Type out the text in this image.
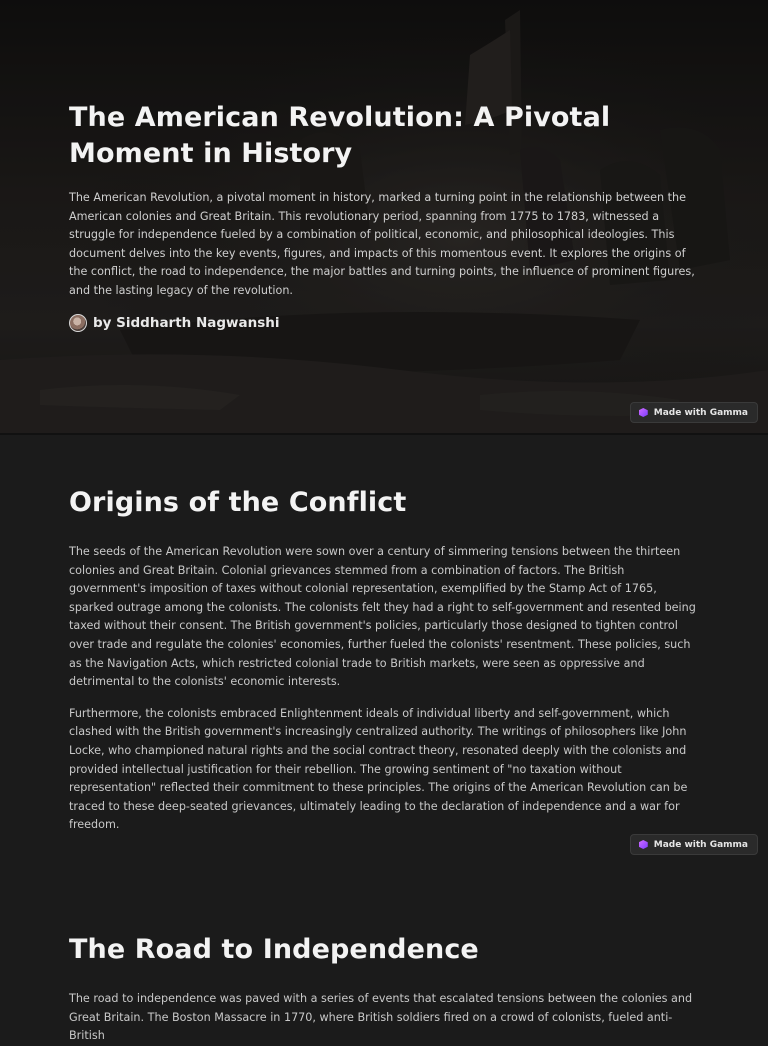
The American Revolution: A Pivotal Moment in History

The American Revolution, a pivotal moment in history, marked a turning point in the relationship between the American colonies and Great Britain. This revolutionary period, spanning from 1775 to 1783, witnessed a struggle for independence fueled by a combination of political, economic, and philosophical ideologies. This document delves into the key events, figures, and impacts of this momentous event. It explores the origins of the conflict, the road to independence, the major battles and turning points, the influence of prominent figures, and the lasting legacy of the revolution.

by Siddharth Nagwanshi
Made with Gamma
Origins of the Conflict

The seeds of the American Revolution were sown over a century of simmering tensions between the thirteen colonies and Great Britain. Colonial grievances stemmed from a combination of factors. The British government's imposition of taxes without colonial representation, exemplified by the Stamp Act of 1765, sparked outrage among the colonists. The colonists felt they had a right to self-government and resented being taxed without their consent. The British government's policies, particularly those designed to tighten control over trade and regulate the colonies' economies, further fueled the colonists' resentment. These policies, such as the Navigation Acts, which restricted colonial trade to British markets, were seen as oppressive and detrimental to the colonists' economic interests.

Furthermore, the colonists embraced Enlightenment ideals of individual liberty and self-government, which clashed with the British government's increasingly centralized authority. The writings of philosophers like John Locke, who championed natural rights and the social contract theory, resonated deeply with the colonists and provided intellectual justification for their rebellion. The growing sentiment of "no taxation without representation" reflected their commitment to these principles. The origins of the American Revolution can be traced to these deep-seated grievances, ultimately leading to the declaration of independence and a war for freedom.

Made with Gamma
The Road to Independence

The road to independence was paved with a series of events that escalated tensions between the colonies and Great Britain. The Boston Massacre in 1770, where British soldiers fired on a crowd of colonists, fueled anti-British
